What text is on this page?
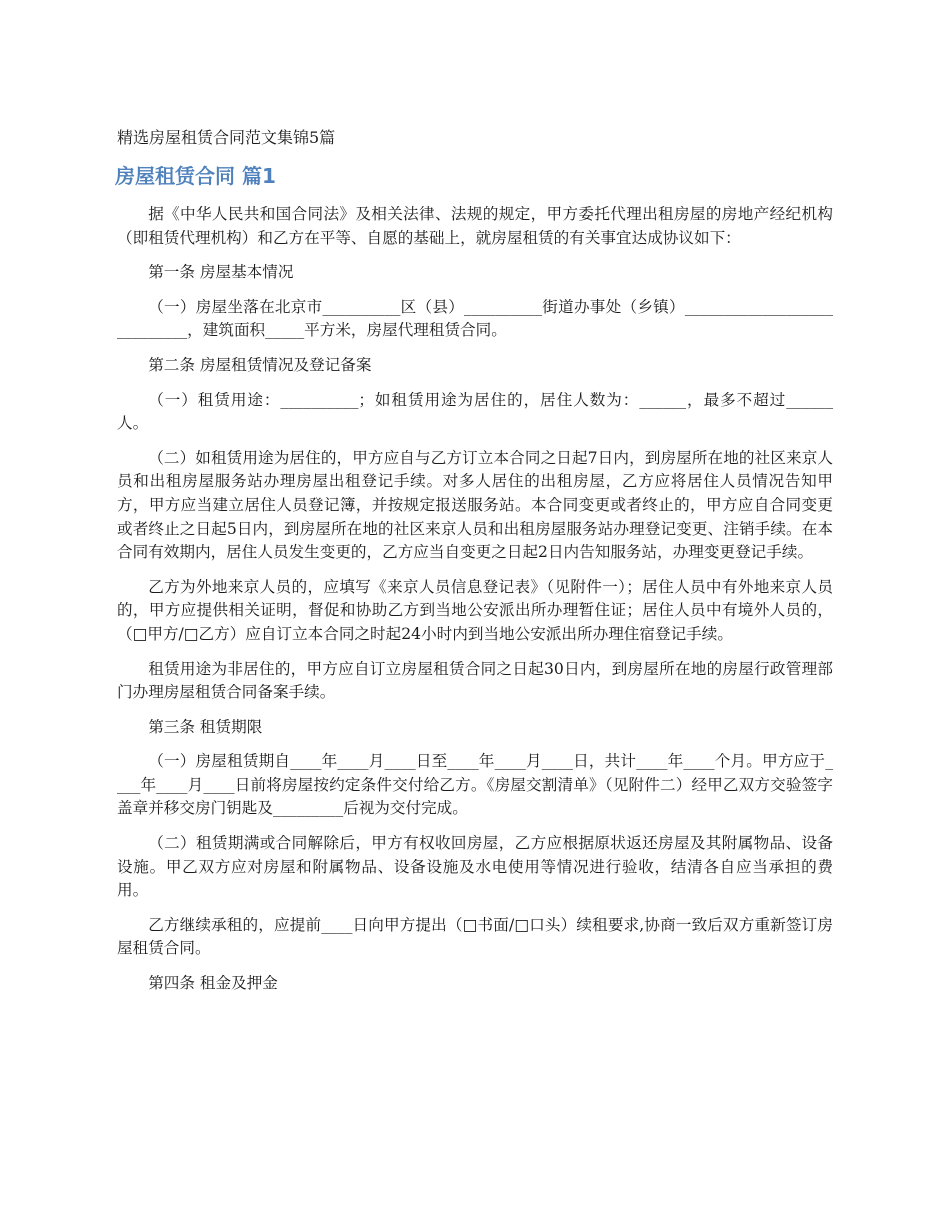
精选房屋租赁合同范文集锦5篇
房屋租赁合同 篇1

据《中华人民共和国合同法》及相关法律、法规的规定，甲方委托代理出租房屋的房地产经纪机构（即租赁代理机构）和乙方在平等、自愿的基础上，就房屋租赁的有关事宜达成协议如下：

第一条 房屋基本情况

（一）房屋坐落在北京市__________区（县）__________街道办事处（乡镇）____________________________，建筑面积_____平方米，房屋代理租赁合同。

第二条 房屋租赁情况及登记备案

（一）租赁用途：__________；如租赁用途为居住的，居住人数为：______，最多不超过______人。

（二）如租赁用途为居住的，甲方应自与乙方订立本合同之日起7日内，到房屋所在地的社区来京人员和出租房屋服务站办理房屋出租登记手续。对多人居住的出租房屋，乙方应将居住人员情况告知甲方，甲方应当建立居住人员登记簿，并按规定报送服务站。本合同变更或者终止的，甲方应自合同变更或者终止之日起5日内，到房屋所在地的社区来京人员和出租房屋服务站办理登记变更、注销手续。在本合同有效期内，居住人员发生变更的，乙方应当自变更之日起2日内告知服务站，办理变更登记手续。

乙方为外地来京人员的，应填写《来京人员信息登记表》（见附件一）；居住人员中有外地来京人员的，甲方应提供相关证明，督促和协助乙方到当地公安派出所办理暂住证；居住人员中有境外人员的，（□甲方/□乙方）应自订立本合同之时起24小时内到当地公安派出所办理住宿登记手续。

租赁用途为非居住的，甲方应自订立房屋租赁合同之日起30日内，到房屋所在地的房屋行政管理部门办理房屋租赁合同备案手续。

第三条 租赁期限

（一）房屋租赁期自____年____月____日至____年____月____日，共计____年____个月。甲方应于____年____月____日前将房屋按约定条件交付给乙方。《房屋交割清单》（见附件二）经甲乙双方交验签字盖章并移交房门钥匙及_________后视为交付完成。

（二）租赁期满或合同解除后，甲方有权收回房屋，乙方应根据原状返还房屋及其附属物品、设备设施。甲乙双方应对房屋和附属物品、设备设施及水电使用等情况进行验收，结清各自应当承担的费用。

乙方继续承租的，应提前____日向甲方提出（□书面/□口头）续租要求,协商一致后双方重新签订房屋租赁合同。

第四条 租金及押金
